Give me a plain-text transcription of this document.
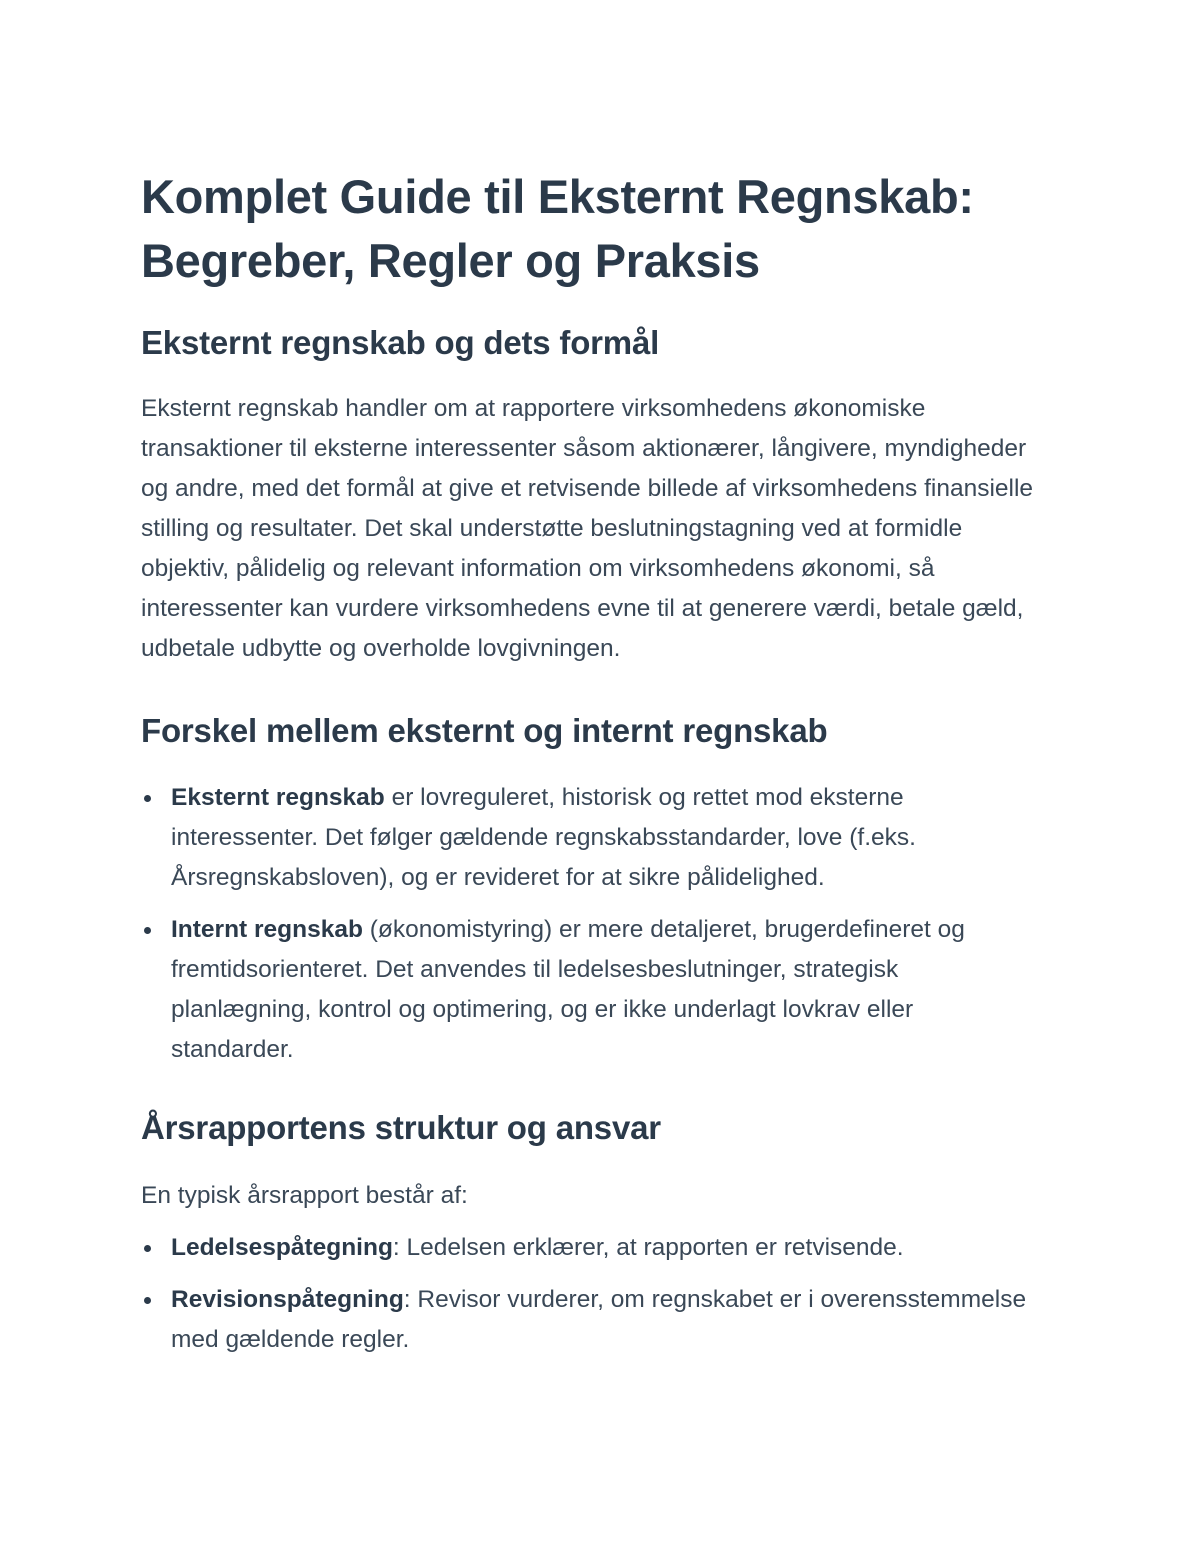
Komplet Guide til Eksternt Regnskab: Begreber, Regler og Praksis
Eksternt regnskab og dets formål

Eksternt regnskab handler om at rapportere virksomhedens økonomiske transaktioner til eksterne interessenter såsom aktionærer, långivere, myndigheder og andre, med det formål at give et retvisende billede af virksomhedens finansielle stilling og resultater. Det skal understøtte beslutningstagning ved at formidle objektiv, pålidelig og relevant information om virksomhedens økonomi, så interessenter kan vurdere virksomhedens evne til at generere værdi, betale gæld, udbetale udbytte og overholde lovgivningen.

Forskel mellem eksternt og internt regnskab
Eksternt regnskab er lovreguleret, historisk og rettet mod eksterne interessenter. Det følger gældende regnskabsstandarder, love (f.eks. Årsregnskabsloven), og er revideret for at sikre pålidelighed.
Internt regnskab (økonomistyring) er mere detaljeret, brugerdefineret og fremtidsorienteret. Det anvendes til ledelsesbeslutninger, strategisk planlægning, kontrol og optimering, og er ikke underlagt lovkrav eller standarder.
Årsrapportens struktur og ansvar

En typisk årsrapport består af:

Ledelsespåtegning: Ledelsen erklærer, at rapporten er retvisende.
Revisionspåtegning: Revisor vurderer, om regnskabet er i overensstemmelse med gældende regler.
